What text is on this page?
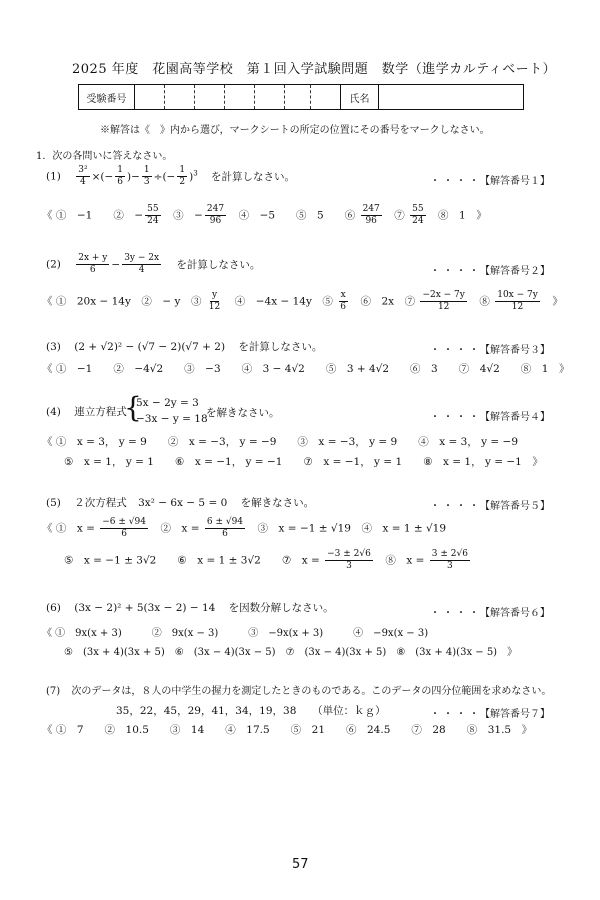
2025 年度　花園高等学校　第１回入学試験問題　数学（進学カルティベート）
受験番号	氏名
※解答は《　》内から選び，マークシートの所定の位置にその番号をマークしなさい。
1．次の各問いに答えなさい。
$(1) \frac{\text{3²}}{4}$ ×(− $\frac{1}{6}$ )− $\frac{1}{3}$ ÷(− $\frac{1}{2} )^3$ を計算しなさい。	・・・・
【解答番号１】
《 ①　−1　　②　− $\frac{55}{24}$ 　③　− $\frac{247}{96}$ 　④　−5　　⑤　5　　⑥ $\frac{247}{96}$ 　⑦ $\frac{55}{24}$ 　⑧　1　》
$(2) \frac{2x + y}{6} - \frac{3y - 2x}{4}$ を計算しなさい。
・・・・
【解答番号２】
《 ①　20x − 14y　②　− y　③ $\frac{y}{12}$ 　④　−4x − 14y　⑤ $\frac{x}{6}$ 　⑥　2x　⑦ $\frac{-2x - 7y}{12}$ 　⑧ $\frac{10x - 7y}{12}$ 　》
(3) (2 + √2)² − (√7 − 2)(√7 + 2) を計算しなさい。	・・・・
【解答番号３】
《 ①　−1　　②　−4√2　　③　−3　　④　3 − 4√2　　⑤　3 + 4√2　　⑥　3　　⑦　4√2　　⑧　1　》
(4) 連立方程式
{
5x − 2y = 3
−3x − y = 18
を解きなさい。	・・・・
【解答番号４】
《 ①　x = 3， y = 9　　②　x = −3， y = −9　　③　x = −3， y = 9　　④　x = 3， y = −9
⑤　x = 1， y = 1　　⑥　x = −1， y = −1　　⑦　x = −1， y = 1　　⑧　x = 1， y = −1　》
(5) ２次方程式 3x² − 6x − 5 = 0 を解きなさい。	・・・・
【解答番号５】
《 ①　$x = \frac{-6 \pm √94}{6}$ 　②　$x = \frac{6 \pm √94}{6}$ 　③　x = −1 ± √19　④　x = 1 ± √19
⑤　x = −1 ± 3√2　　⑥　x = 1 ± 3√2　　⑦　$x = \frac{-3 \pm 2√6}{3}$ 　⑧　$x = \frac{3 \pm 2√6}{3}$
(6) (3x − 2)² + 5(3x − 2) − 14 を因数分解しなさい。	・・・・
【解答番号６】
《 ①　9x(x + 3)　　　②　9x(x − 3)　　　③　−9x(x + 3)　　　④　−9x(x − 3)
⑤　(3x + 4)(3x + 5)　⑥　(3x − 4)(3x − 5)　⑦　(3x − 4)(3x + 5)　⑧　(3x + 4)(3x − 5)　》
(7) 次のデータは，８人の中学生の握力を測定したときのものである。このデータの四分位範囲を求めなさい。
35，22，45，29，41，34，19，38　　（単位：ｋｇ）	・・・・
【解答番号７】
《 ①　7　　②　10.5　　③　14　　④　17.5　　⑤　21　　⑥　24.5　　⑦　28　　⑧　31.5　》
57
